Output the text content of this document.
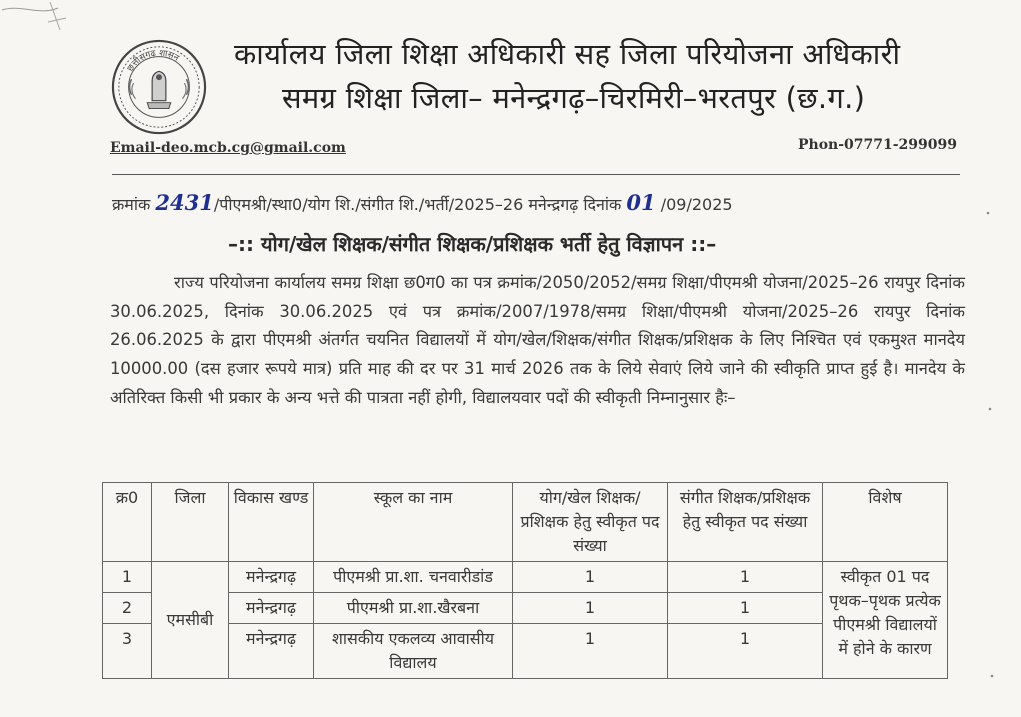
छत्तीसगढ़ शासन कार्यालय जिला शिक्षा अधिकारी सह जिला परियोजना अधिकारी
समग्र शिक्षा जिला– मनेन्द्रगढ़–चिरमिरी–भरतपुर (छ.ग.)
Email-deo.mcb.cg@gmail.com	Phon-07771-299099
क्रमांक 2431/पीएमश्री/स्था0/योग शि./संगीत शि./भर्ती/2025–26 मनेन्द्रगढ़ दिनांक 01 /09/2025
–:: योग/खेल शिक्षक/संगीत शिक्षक/प्रशिक्षक भर्ती हेतु विज्ञापन ::–
राज्य परियोजना कार्यालय समग्र शिक्षा छ0ग0 का पत्र क्रमांक/2050/2052/समग्र शिक्षा/पीएमश्री योजना/2025–26 रायपुर दिनांक 30.06.2025, दिनांक 30.06.2025 एवं पत्र क्रमांक/2007/1978/समग्र शिक्षा/पीएमश्री योजना/2025–26 रायपुर दिनांक 26.06.2025 के द्वारा पीएमश्री अंतर्गत चयनित विद्यालयों में योग/खेल/शिक्षक/संगीत शिक्षक/प्रशिक्षक के लिए निश्चित एवं एकमुश्त मानदेय 10000.00 (दस हजार रूपये मात्र) प्रति माह की दर पर 31 मार्च 2026 तक के लिये सेवाएं लिये जाने की स्वीकृति प्राप्त हुई है। मानदेय के अतिरिक्त किसी भी प्रकार के अन्य भत्ते की पात्रता नहीं होगी, विद्यालयवार पदों की स्वीकृती निम्नानुसार हैः–
क्र0	जिला	विकास खण्ड	स्कूल का नाम	योग/खेल शिक्षक/प्रशिक्षक हेतु स्वीकृत पद संख्या	संगीत शिक्षक/प्रशिक्षक हेतु स्वीकृत पद संख्या	विशेष
1	एमसीबी	मनेन्द्रगढ़	पीएमश्री प्रा.शा. चनवारीडांड	1	1	स्वीकृत 01 पद पृथक–पृथक प्रत्येक पीएमश्री विद्यालयों में होने के कारण
2		मनेन्द्रगढ़	पीएमश्री प्रा.शा.खैरबना	1	1	
3		मनेन्द्रगढ़	शासकीय एकलव्य आवासीय विद्यालय	1	1	
